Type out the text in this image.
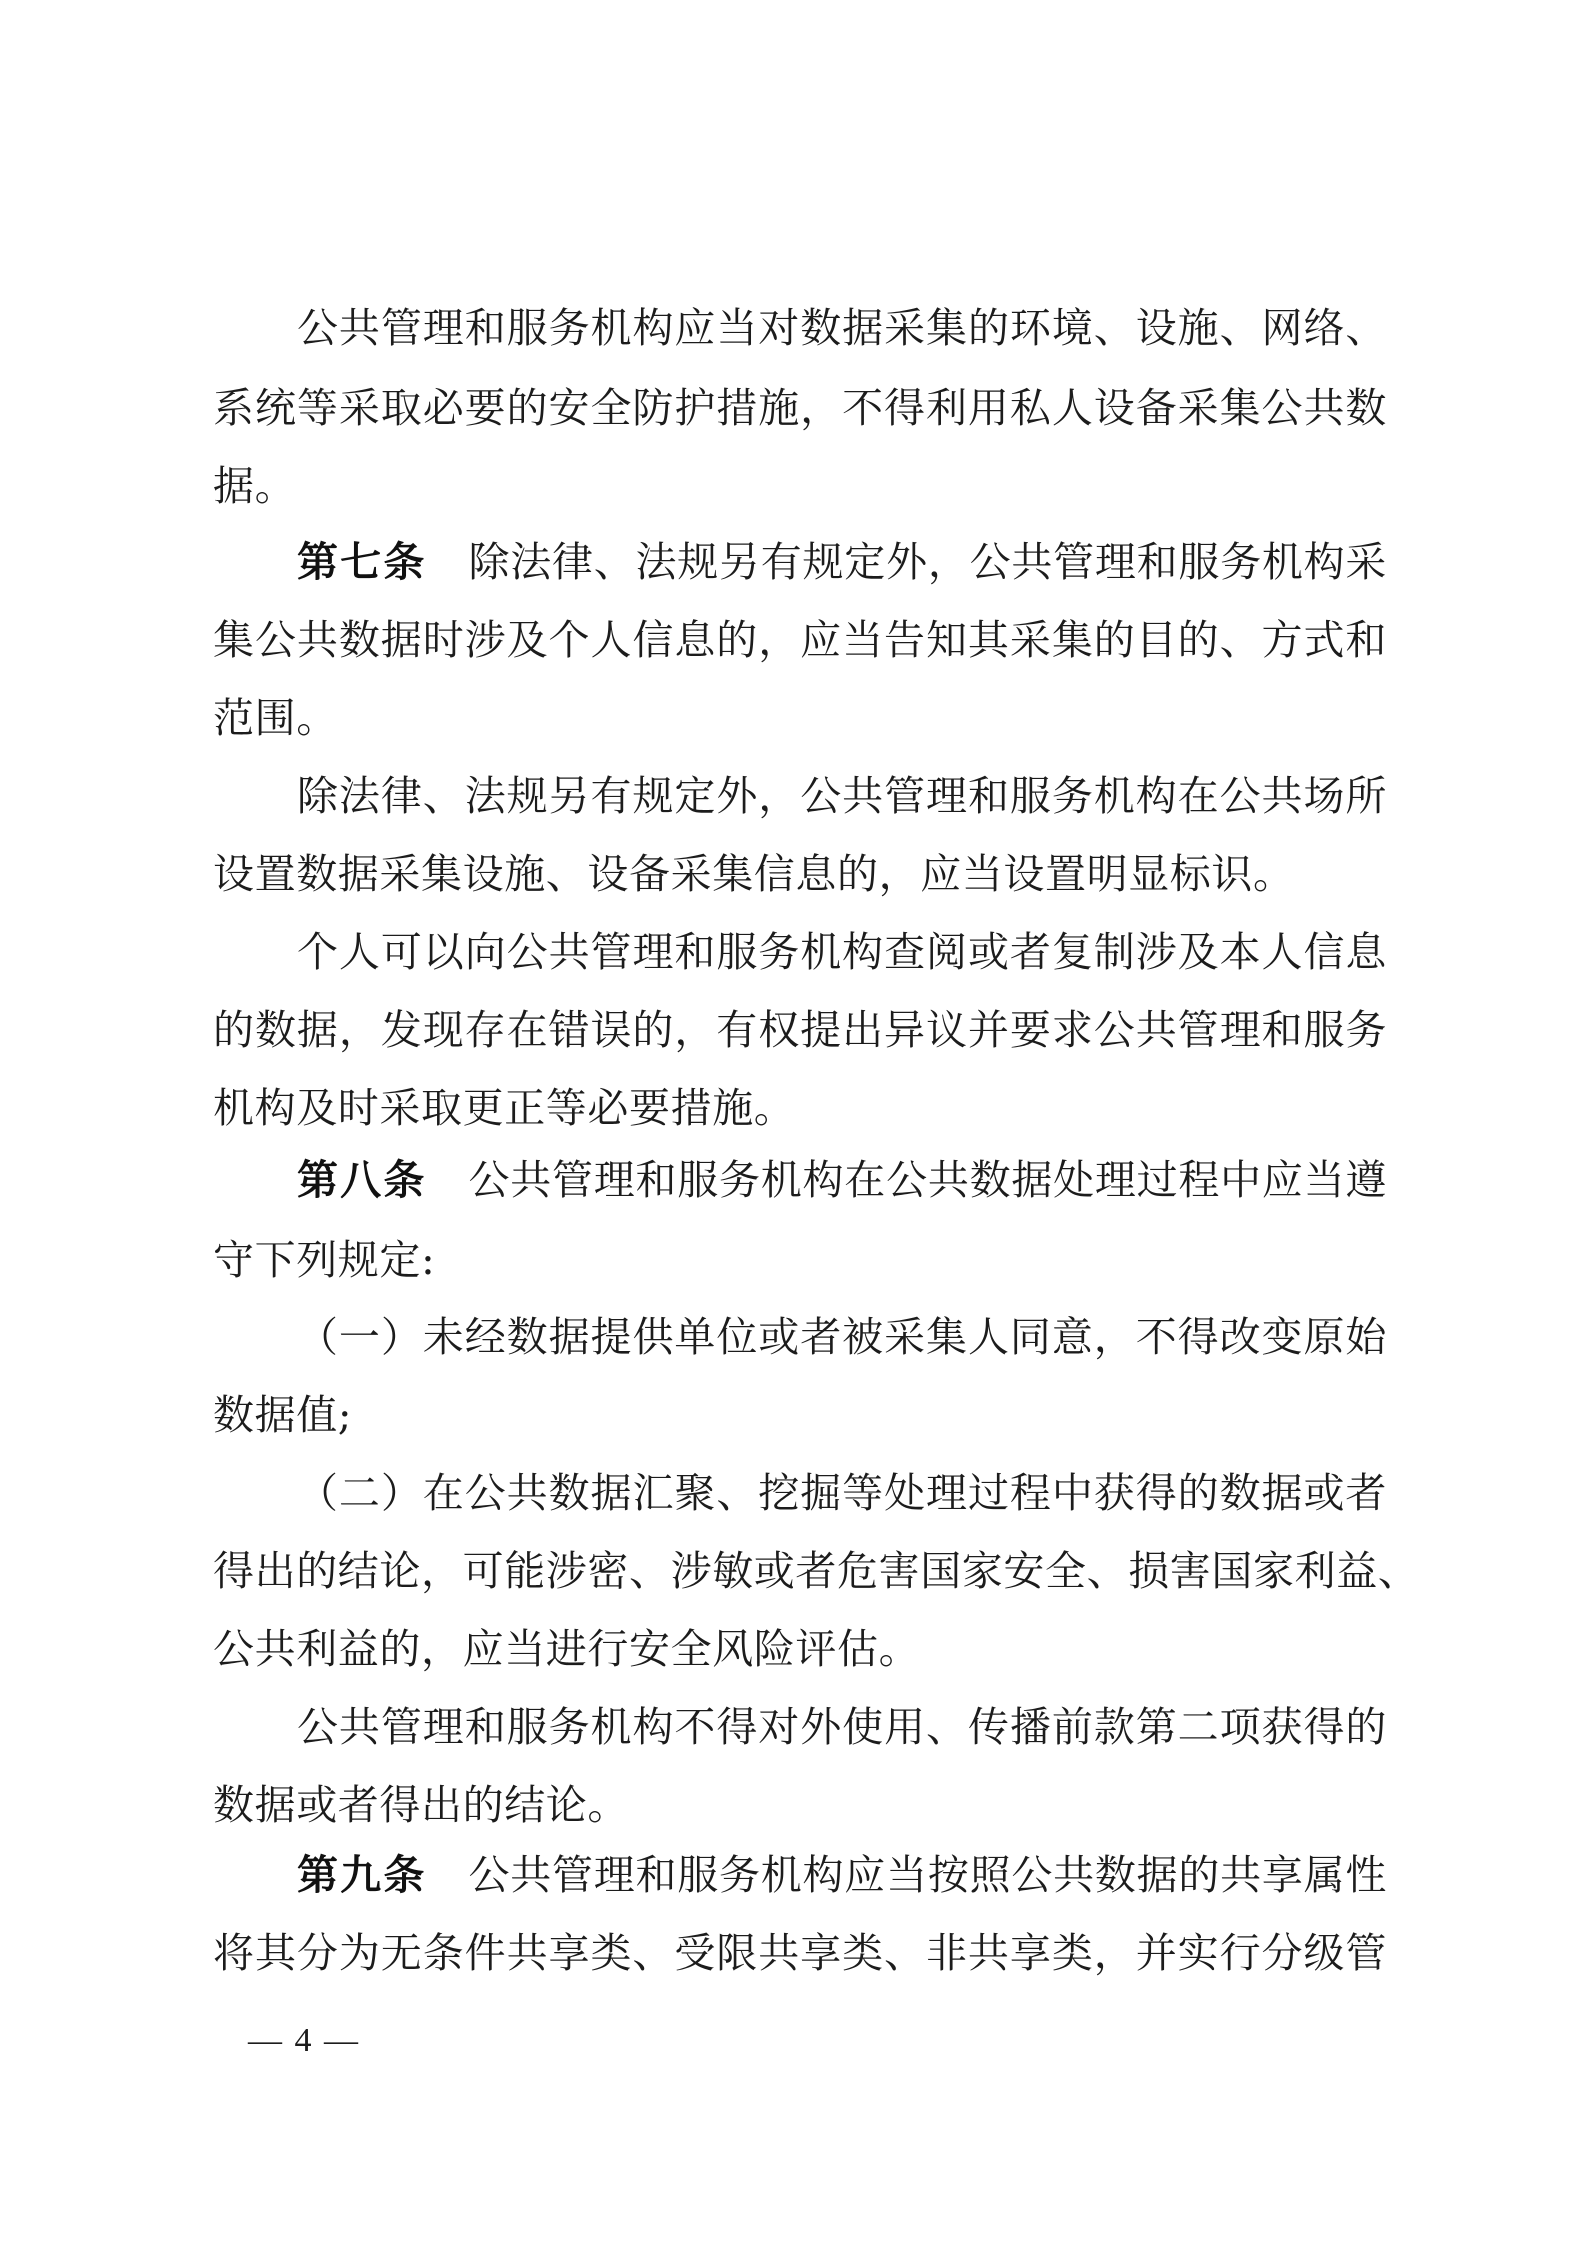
公共管理和服务机构应当对数据采集的环境、设施、网络、
系统等采取必要的安全防护措施，不得利用私人设备采集公共数
据。
第七条 除法律、法规另有规定外，公共管理和服务机构采
集公共数据时涉及个人信息的，应当告知其采集的目的、方式和
范围。
除法律、法规另有规定外，公共管理和服务机构在公共场所
设置数据采集设施、设备采集信息的，应当设置明显标识。
个人可以向公共管理和服务机构查阅或者复制涉及本人信息
的数据，发现存在错误的，有权提出异议并要求公共管理和服务
机构及时采取更正等必要措施。
第八条 公共管理和服务机构在公共数据处理过程中应当遵
守下列规定:
（一）未经数据提供单位或者被采集人同意，不得改变原始
数据值;
（二）在公共数据汇聚、挖掘等处理过程中获得的数据或者
得出的结论，可能涉密、涉敏或者危害国家安全、损害国家利益、
公共利益的，应当进行安全风险评估。
公共管理和服务机构不得对外使用、传播前款第二项获得的
数据或者得出的结论。
第九条 公共管理和服务机构应当按照公共数据的共享属性
将其分为无条件共享类、受限共享类、非共享类，并实行分级管
— 4 —
